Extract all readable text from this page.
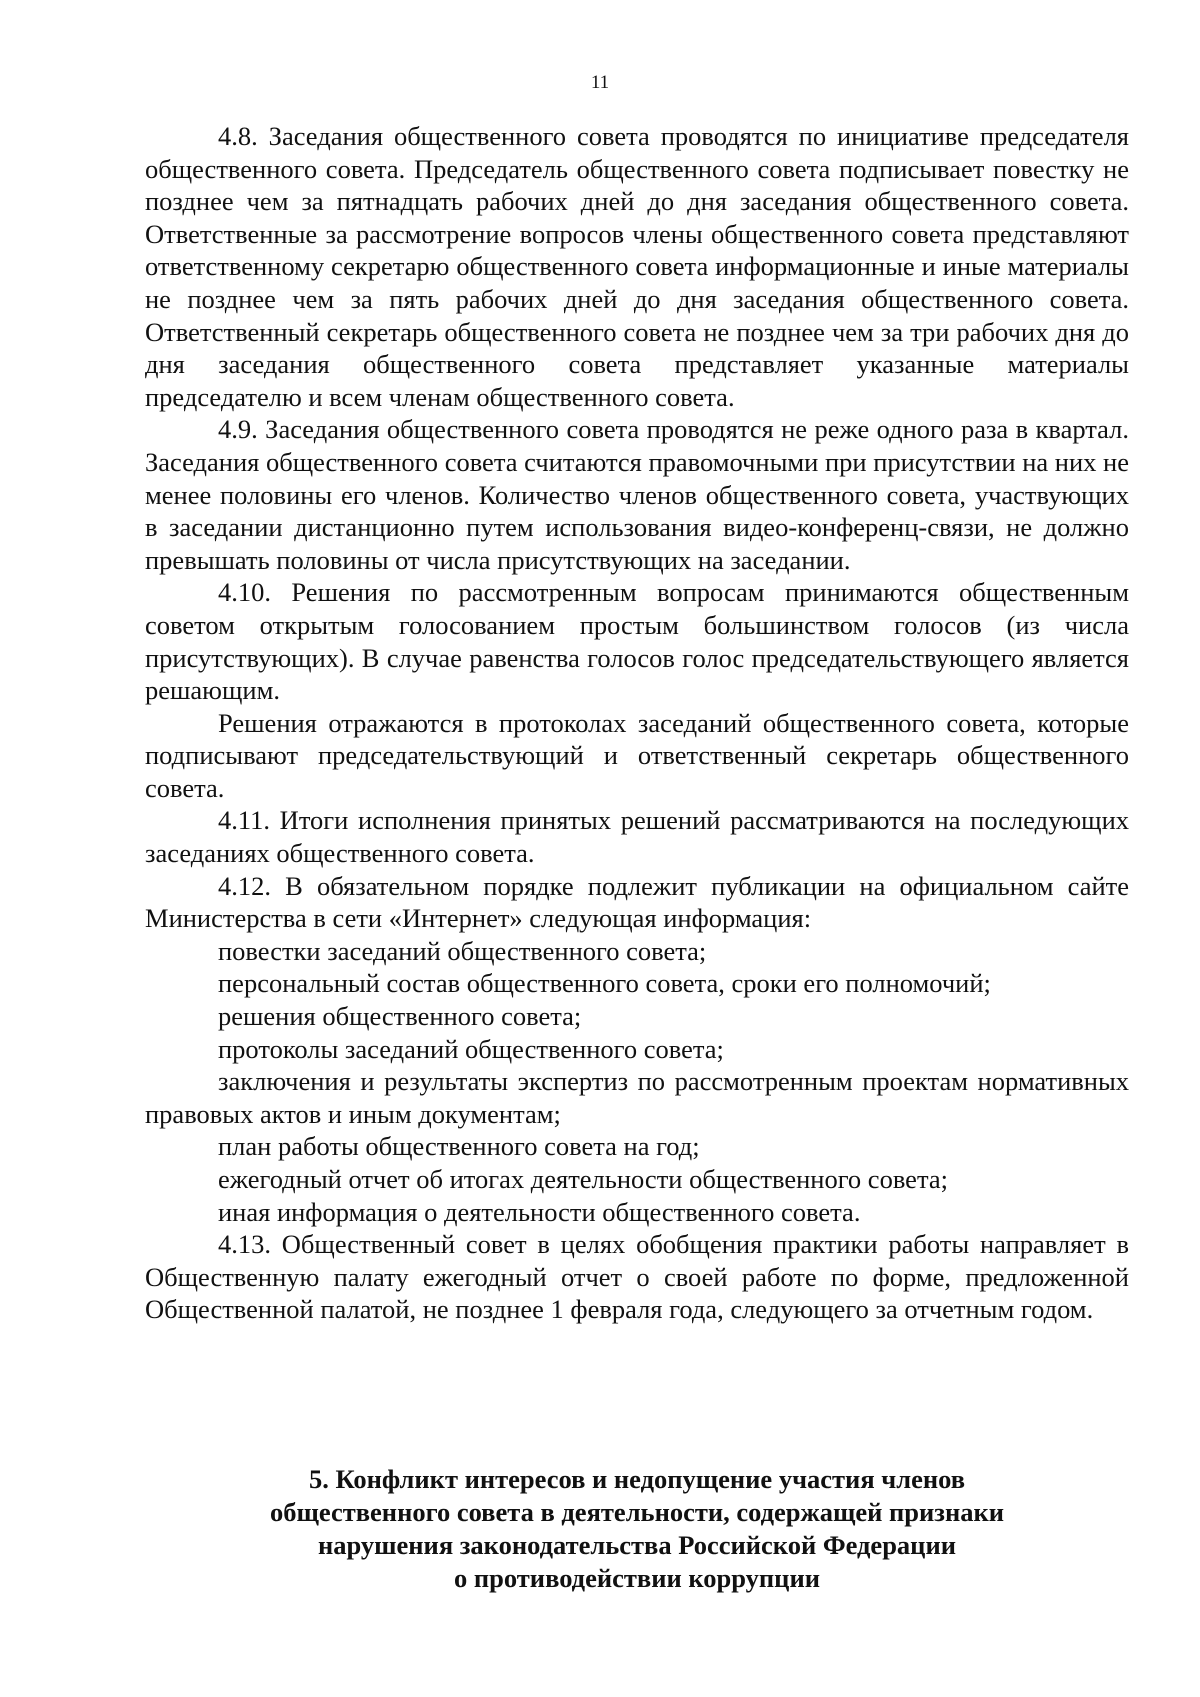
11

4.8. Заседания общественного совета проводятся по инициативе председателя общественного совета. Председатель общественного совета подписывает повестку не позднее чем за пятнадцать рабочих дней до дня заседания общественного совета. Ответственные за рассмотрение вопросов члены общественного совета представляют ответственному секретарю общественного совета информационные и иные материалы не позднее чем за пять рабочих дней до дня заседания общественного совета. Ответственный секретарь общественного совета не позднее чем за три рабочих дня до дня заседания общественного совета представляет указанные материалы председателю и всем членам общественного совета.

4.9. Заседания общественного совета проводятся не реже одного раза в квартал. Заседания общественного совета считаются правомочными при присутствии на них не менее половины его членов. Количество членов общественного совета, участвующих в заседании дистанционно путем использования видео-конференц-связи, не должно превышать половины от числа присутствующих на заседании.

4.10. Решения по рассмотренным вопросам принимаются общественным советом открытым голосованием простым большинством голосов (из числа присутствующих). В случае равенства голосов голос председательствующего является решающим.

Решения отражаются в протоколах заседаний общественного совета, которые подписывают председательствующий и ответственный секретарь общественного совета.

4.11. Итоги исполнения принятых решений рассматриваются на последующих заседаниях общественного совета.

4.12. В обязательном порядке подлежит публикации на официальном сайте Министерства в сети «Интернет» следующая информация:

повестки заседаний общественного совета;

персональный состав общественного совета, сроки его полномочий;

решения общественного совета;

протоколы заседаний общественного совета;

заключения и результаты экспертиз по рассмотренным проектам нормативных правовых актов и иным документам;

план работы общественного совета на год;

ежегодный отчет об итогах деятельности общественного совета;

иная информация о деятельности общественного совета.

4.13. Общественный совет в целях обобщения практики работы направляет в Общественную палату ежегодный отчет о своей работе по форме, предложенной Общественной палатой, не позднее 1 февраля года, следующего за отчетным годом.

5. Конфликт интересов и недопущение участия членов
общественного совета в деятельности, содержащей признаки
нарушения законодательства Российской Федерации
о противодействии коррупции
